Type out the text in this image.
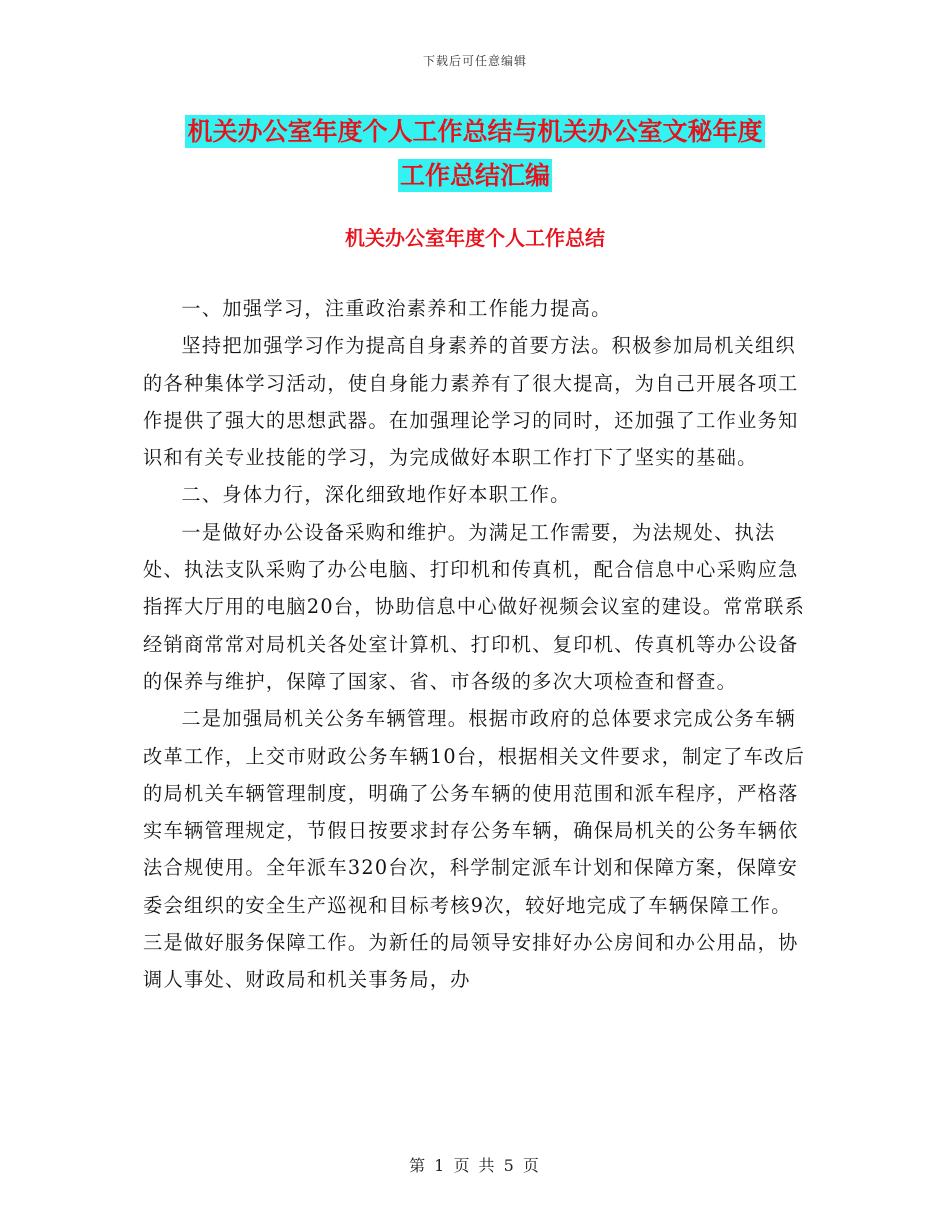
下载后可任意编辑
机关办公室年度个人工作总结与机关办公室文秘年度
工作总结汇编
机关办公室年度个人工作总结

一、加强学习，注重政治素养和工作能力提高。

坚持把加强学习作为提高自身素养的首要方法。积极参加局机关组织的各种集体学习活动，使自身能力素养有了很大提高，为自己开展各项工作提供了强大的思想武器。在加强理论学习的同时，还加强了工作业务知识和有关专业技能的学习，为完成做好本职工作打下了坚实的基础。

二、身体力行，深化细致地作好本职工作。

一是做好办公设备采购和维护。为满足工作需要，为法规处、执法处、执法支队采购了办公电脑、打印机和传真机，配合信息中心采购应急指挥大厅用的电脑20台，协助信息中心做好视频会议室的建设。常常联系经销商常常对局机关各处室计算机、打印机、复印机、传真机等办公设备的保养与维护，保障了国家、省、市各级的多次大项检查和督查。

二是加强局机关公务车辆管理。根据市政府的总体要求完成公务车辆改革工作，上交市财政公务车辆10台，根据相关文件要求，制定了车改后的局机关车辆管理制度，明确了公务车辆的使用范围和派车程序，严格落实车辆管理规定，节假日按要求封存公务车辆，确保局机关的公务车辆依法合规使用。全年派车320台次，科学制定派车计划和保障方案，保障安委会组织的安全生产巡视和目标考核9次，较好地完成了车辆保障工作。三是做好服务保障工作。为新任的局领导安排好办公房间和办公用品，协调人事处、财政局和机关事务局，办

第 1 页 共 5 页
